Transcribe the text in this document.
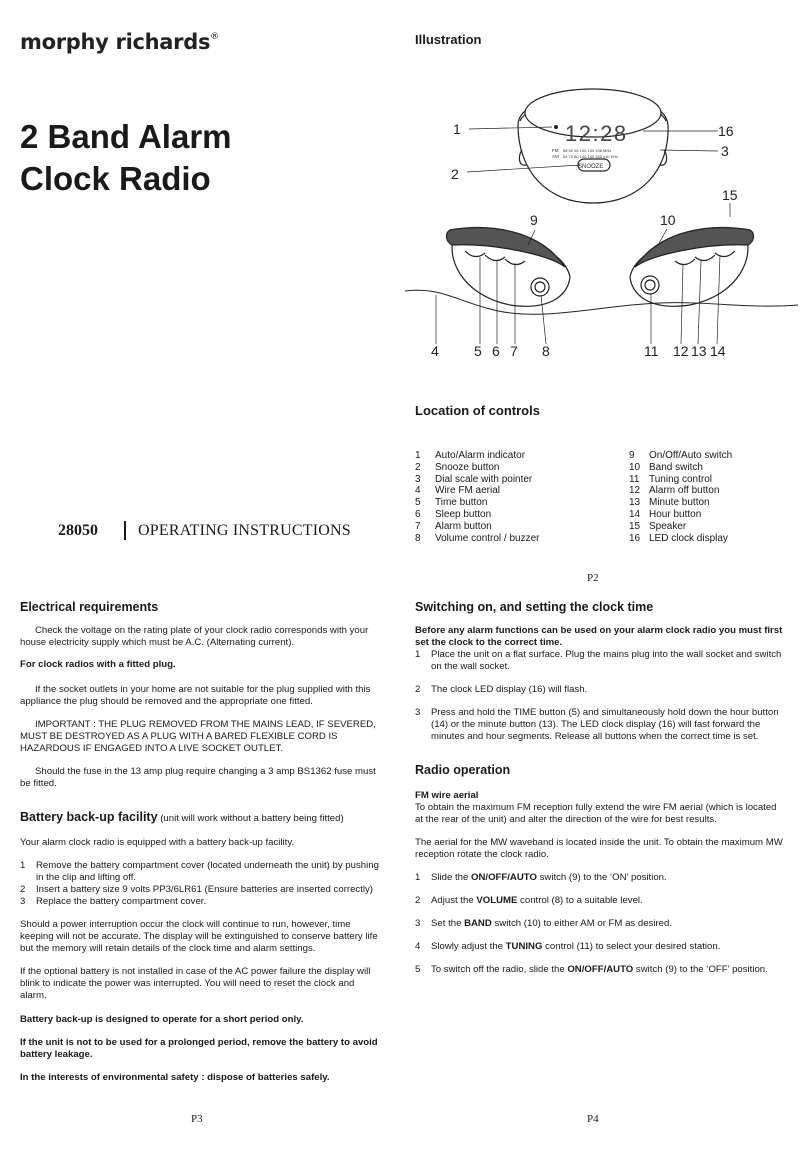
morphy richards®
2 Band Alarm
Clock Radio
28050	OPERATING INSTRUCTIONS
Illustration
12:28
FM 88 92 96 100 104 106 MHz
AM 54 70 80 100 140 160 x10 KHz
SNOOZE
1
2
3
16
15
9	10
4	5 6 7 8	11 12 13 14
Location of controls
1	Auto/Alarm indicator
2	Snooze button
3	Dial scale with pointer
4	Wire FM aerial
5	Time button
6	Sleep button
7	Alarm button
8	Volume control / buzzer
9	On/Off/Auto switch
10 Band switch
11 Tuning control
12 Alarm off button
13 Minute button
14 Hour button
15 Speaker
16 LED clock display
P2
Electrical requirements

Check the voltage on the rating plate of your clock radio corresponds with your house electricity supply which must be A.C. (Alternating current).

For clock radios with a fitted plug.

If the socket outlets in your home are not suitable for the plug supplied with this appliance the plug should be removed and the appropriate one fitted.

IMPORTANT : THE PLUG REMOVED FROM THE MAINS LEAD, IF SEVERED, MUST BE DESTROYED AS A PLUG WITH A BARED FLEXIBLE CORD IS HAZARDOUS IF ENGAGED INTO A LIVE SOCKET OUTLET.

Should the fuse in the 13 amp plug require changing a 3 amp BS1362 fuse must be fitted.

Battery back-up facility (unit will work without a battery being fitted)

Your alarm clock radio is equipped with a battery back-up facility.

1	Remove the battery compartment cover (located underneath the unit) by pushing in the clip and lifting off.
2	Insert a battery size 9 volts PP3/6LR61 (Ensure batteries are inserted correctly)
3	Replace the battery compartment cover.

Should a power interruption occur the clock will continue to run, however, time keeping will not be accurate. The display will be extinguished to conserve battery life but the memory will retain details of the clock time and alarm settings.

If the optional battery is not installed in case of the AC power failure the display will blink to indicate the power was interrupted. You will need to reset the clock and alarm.

Battery back-up is designed to operate for a short period only.

If the unit is not to be used for a prolonged period, remove the battery to avoid battery leakage.

In the interests of environmental safety : dispose of batteries safely.

P3
Switching on, and setting the clock time

Before any alarm functions can be used on your alarm clock radio you must first set the clock to the correct time.

1	Place the unit on a flat surface. Plug the mains plug into the wall socket and switch on the wall socket.
2	The clock LED display (16) will flash.
3	Press and hold the TIME button (5) and simultaneously hold down the hour button (14) or the minute button (13). The LED clock display (16) will fast forward the minutes and hour segments. Release all buttons when the correct time is set.
Radio operation

FM wire aerial

To obtain the maximum FM reception fully extend the wire FM aerial (which is located at the rear of the unit) and alter the direction of the wire for best results.

The aerial for the MW waveband is located inside the unit. To obtain the maximum MW reception rotate the clock radio.

1	Slide the ON/OFF/AUTO switch (9) to the ‘ON’ position.
2	Adjust the VOLUME control (8) to a suitable level.
3	Set the BAND switch (10) to either AM or FM as desired.
4	Slowly adjust the TUNING control (11) to select your desired station.
5	To switch off the radio, slide the ON/OFF/AUTO switch (9) to the ‘OFF’ position.
P4
